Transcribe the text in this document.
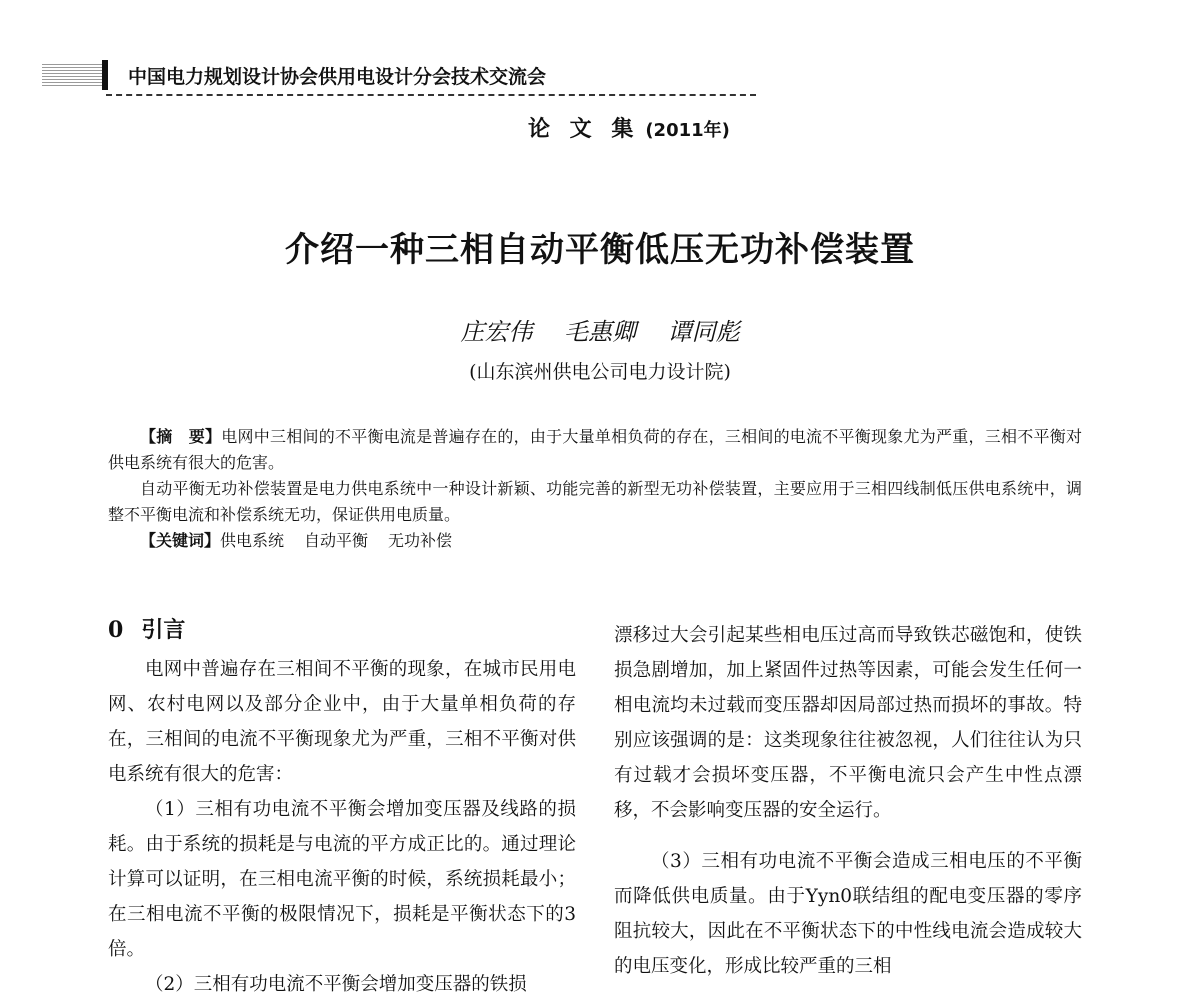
中国电力规划设计协会供用电设计分会技术交流会
论 文 集 (2011年)
介绍一种三相自动平衡低压无功补偿装置
庄宏伟 毛惠卿 谭同彪
(山东滨州供电公司电力设计院)

【摘　要】电网中三相间的不平衡电流是普遍存在的，由于大量单相负荷的存在，三相间的电流不平衡现象尤为严重，三相不平衡对供电系统有很大的危害。

自动平衡无功补偿装置是电力供电系统中一种设计新颖、功能完善的新型无功补偿装置，主要应用于三相四线制低压供电系统中，调整不平衡电流和补偿系统无功，保证供用电质量。

【关键词】供电系统 自动平衡 无功补偿

0 引言

电网中普遍存在三相间不平衡的现象，在城市民用电网、农村电网以及部分企业中，由于大量单相负荷的存在，三相间的电流不平衡现象尤为严重，三相不平衡对供电系统有很大的危害：

（1）三相有功电流不平衡会增加变压器及线路的损耗。由于系统的损耗是与电流的平方成正比的。通过理论计算可以证明，在三相电流平衡的时候，系统损耗最小；在三相电流不平衡的极限情况下，损耗是平衡状态下的3倍。

（2）三相有功电流不平衡会增加变压器的铁损

漂移过大会引起某些相电压过高而导致铁芯磁饱和，使铁损急剧增加，加上紧固件过热等因素，可能会发生任何一相电流均未过载而变压器却因局部过热而损坏的事故。特别应该强调的是：这类现象往往被忽视，人们往往认为只有过载才会损坏变压器，不平衡电流只会产生中性点漂移，不会影响变压器的安全运行。

（3）三相有功电流不平衡会造成三相电压的不平衡而降低供电质量。由于Yyn0联结组的配电变压器的零序阻抗较大，因此在不平衡状态下的中性线电流会造成较大的电压变化，形成比较严重的三相
